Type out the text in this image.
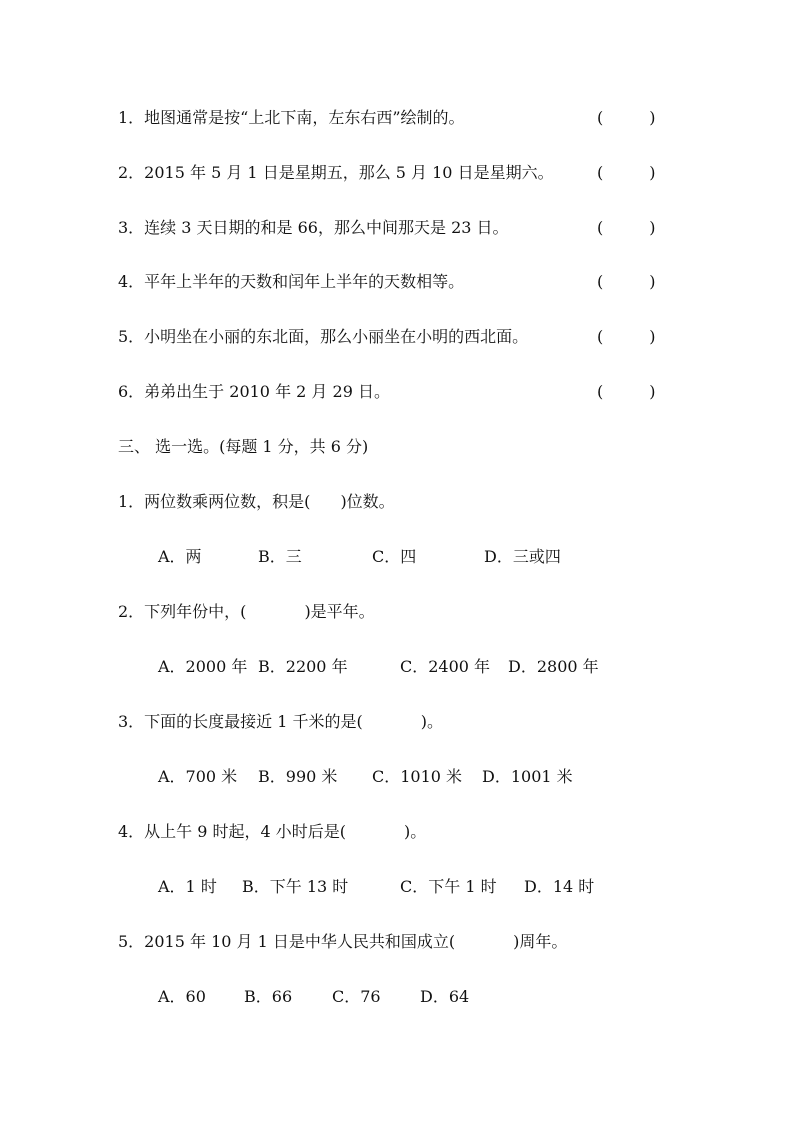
1．地图通常是按“上北下南，左东右西”绘制的。	(	)
2．2015 年 5 月 1 日是星期五，那么 5 月 10 日是星期六。	(	)
3．连续 3 天日期的和是 66，那么中间那天是 23 日。	(	)
4．平年上半年的天数和闰年上半年的天数相等。	(	)
5．小明坐在小丽的东北面，那么小丽坐在小明的西北面。	(	)
6．弟弟出生于 2010 年 2 月 29 日。	(	)
三、 选一选。(每题 1 分，共 6 分)
1．两位数乘两位数，积是( )位数。
A．两	B．三	C．四	D．三或四
2．下列年份中，(	)是平年。
A．2000 年 B．2200 年	C．2400 年 D．2800 年
3．下面的长度最接近 1 千米的是(	)。
A．700 米 B．990 米 C．1010 米 D．1001 米
4．从上午 9 时起，4 小时后是(	)。
A．1 时 B．下午 13 时	C．下午 1 时 D．14 时
5．2015 年 10 月 1 日是中华人民共和国成立(	)周年。
A．60 B．66 C．76 D．64
